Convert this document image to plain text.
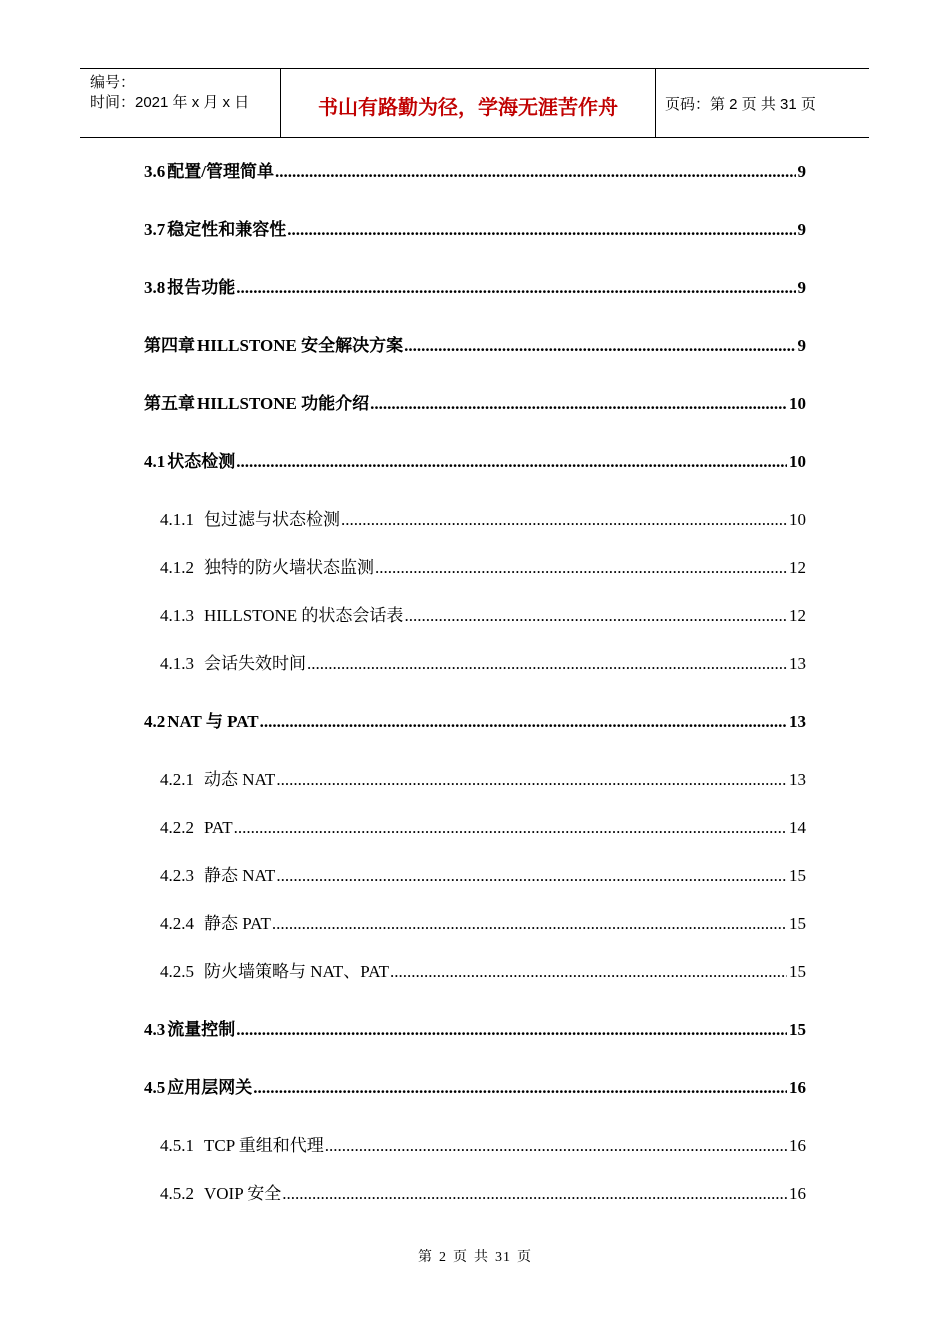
编号：
时间：2021 年 x 月 x 日	书山有路勤为径，学海无涯苦作舟	页码：第 2 页 共 31 页
3.6 配置/管理简单 .....	9
3.7 稳定性和兼容性 .....	9
3.8 报告功能 .....	9
第四章 HILLSTONE 安全解决方案 .....	9
第五章 HILLSTONE 功能介绍 .....	10
4.1 状态检测 .....	10
4.1.1 包过滤与状态检测 .....	10
4.1.2 独特的防火墙状态监测 .....	12
4.1.3 HILLSTONE 的状态会话表 .....	12
4.1.3 会话失效时间 .....	13
4.2 NAT 与 PAT .....	13
4.2.1 动态 NAT .....	13
4.2.2 PAT .....	14
4.2.3 静态 NAT .....	15
4.2.4 静态 PAT .....	15
4.2.5 防火墙策略与 NAT、PAT .....	15
4.3 流量控制 .....	15
4.5 应用层网关 .....	16
4.5.1 TCP 重组和代理 .....	16
4.5.2 VOIP 安全 .....	16
第 2 页 共 31 页
